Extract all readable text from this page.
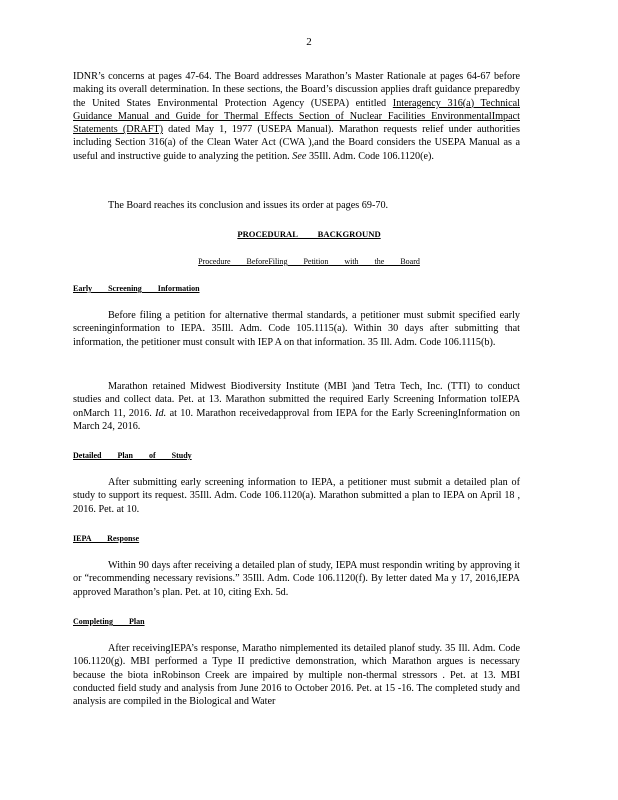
2

IDNR’s concerns at pages 47-64. The Board addresses Marathon’s Master Rationale at pages 64-67 before making its overall determination. In these sections, the Board’s discussion applies draft guidance preparedby the United States Environmental Protection Agency (USEPA) entitled Interagency 316(a) Technical Guidance Manual and Guide for Thermal Effects Section of Nuclear Facilities EnvironmentalImpact Statements (DRAFT) dated May 1, 1977 (USEPA Manual). Marathon requests relief under authorities including Section 316(a) of the Clean Water Act (CWA ),and the Board considers the USEPA Manual as a useful and instructive guide to analyzing the petition. See 35Ill. Adm. Code 106.1120(e).

The Board reaches its conclusion and issues its order at pages 69-70.

PROCEDURAL BACKGROUND
Procedure BeforeFiling Petition with the Board
Early Screening Information

Before filing a petition for alternative thermal standards, a petitioner must submit specified early screeninginformation to IEPA. 35Ill. Adm. Code 105.1115(a). Within 30 days after submitting that information, the petitioner must consult with IEP A on that information. 35 Ill. Adm. Code 106.1115(b).

Marathon retained Midwest Biodiversity Institute (MBI )and Tetra Tech, Inc. (TTI) to conduct studies and collect data. Pet. at 13. Marathon submitted the required Early Screening Information toIEPA onMarch 11, 2016. Id. at 10. Marathon receivedapproval from IEPA for the Early ScreeningInformation on March 24, 2016.

Detailed Plan of Study

After submitting early screening information to IEPA, a petitioner must submit a detailed plan of study to support its request. 35Ill. Adm. Code 106.1120(a). Marathon submitted a plan to IEPA on April 18 , 2016. Pet. at 10.

IEPA Response

Within 90 days after receiving a detailed plan of study, IEPA must respondin writing by approving it or “recommending necessary revisions.” 35Ill. Adm. Code 106.1120(f). By letter dated Ma y 17, 2016,IEPA approved Marathon’s plan. Pet. at 10, citing Exh. 5d.

Completing Plan

After receivingIEPA’s response, Maratho nimplemented its detailed planof study. 35 Ill. Adm. Code 106.1120(g). MBI performed a Type II predictive demonstration, which Marathon argues is necessary because the biota inRobinson Creek are impaired by multiple non-thermal stressors . Pet. at 13. MBI conducted field study and analysis from June 2016 to October 2016. Pet. at 15 -16. The completed study and analysis are compiled in the Biological and Water
